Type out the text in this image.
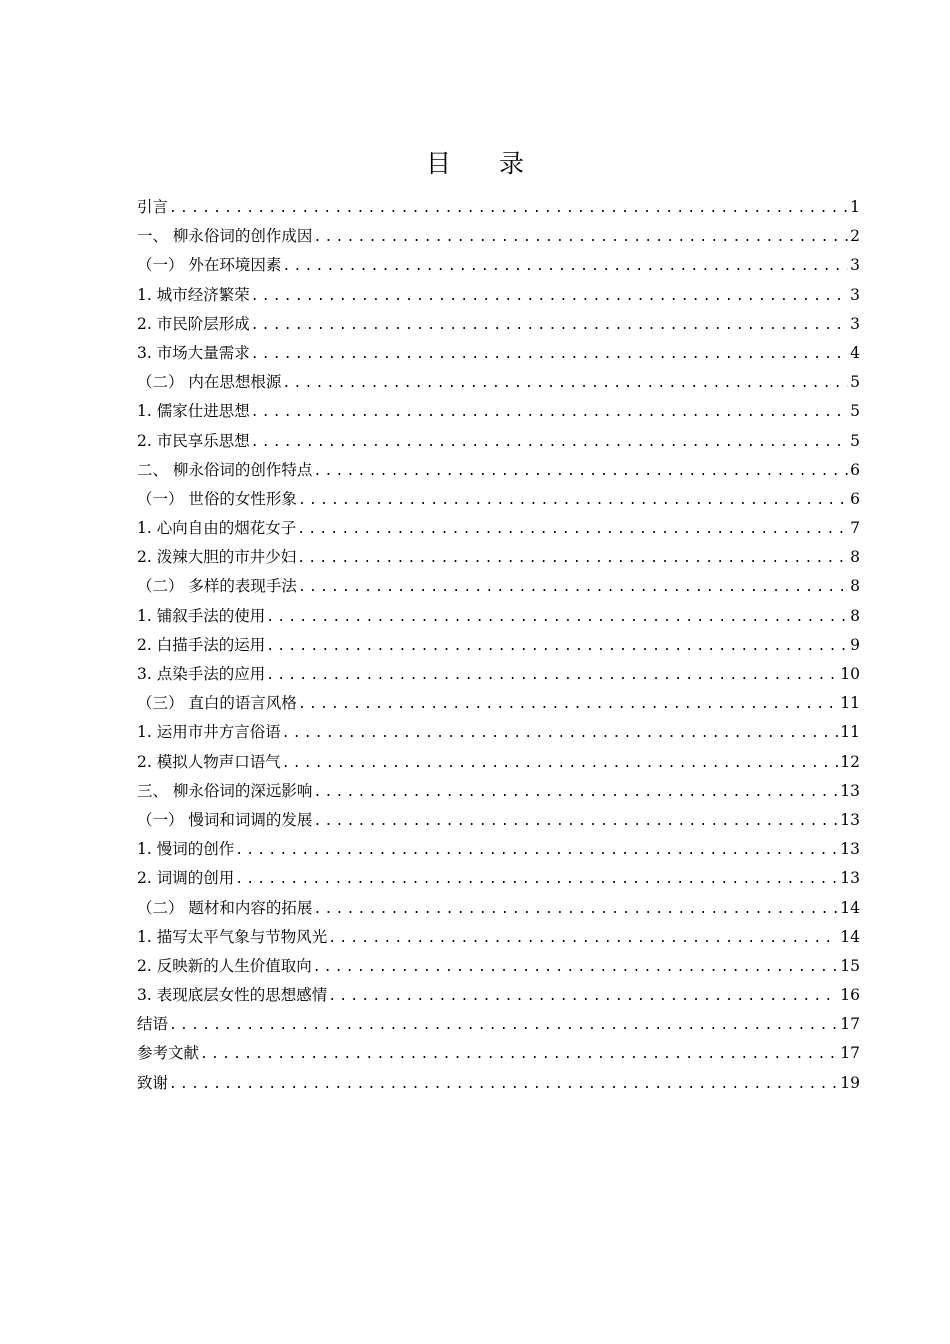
目 录
引言 .....	1
一、 柳永俗词的创作成因 .....	2
（一） 外在环境因素 .....	3
1. 城市经济繁荣 .....	3
2. 市民阶层形成 .....	3
3. 市场大量需求 .....	4
（二） 内在思想根源 .....	5
1. 儒家仕进思想 .....	5
2. 市民享乐思想 .....	5
二、 柳永俗词的创作特点 .....	6
（一） 世俗的女性形象 .....	6
1. 心向自由的烟花女子 .....	7
2. 泼辣大胆的市井少妇 .....	8
（二） 多样的表现手法 .....	8
1. 铺叙手法的使用 .....	8
2. 白描手法的运用 .....	9
3. 点染手法的应用 .....	10
（三） 直白的语言风格 .....	11
1. 运用市井方言俗语 .....	11
2. 模拟人物声口语气 .....	12
三、 柳永俗词的深远影响 .....	13
（一） 慢词和词调的发展 .....	13
1. 慢词的创作 .....	13
2. 词调的创用 .....	13
（二） 题材和内容的拓展 .....	14
1. 描写太平气象与节物风光 .....	14
2. 反映新的人生价值取向 .....	15
3. 表现底层女性的思想感情 .....	16
结语 .....	17
参考文献 .....	17
致谢 .....	19
